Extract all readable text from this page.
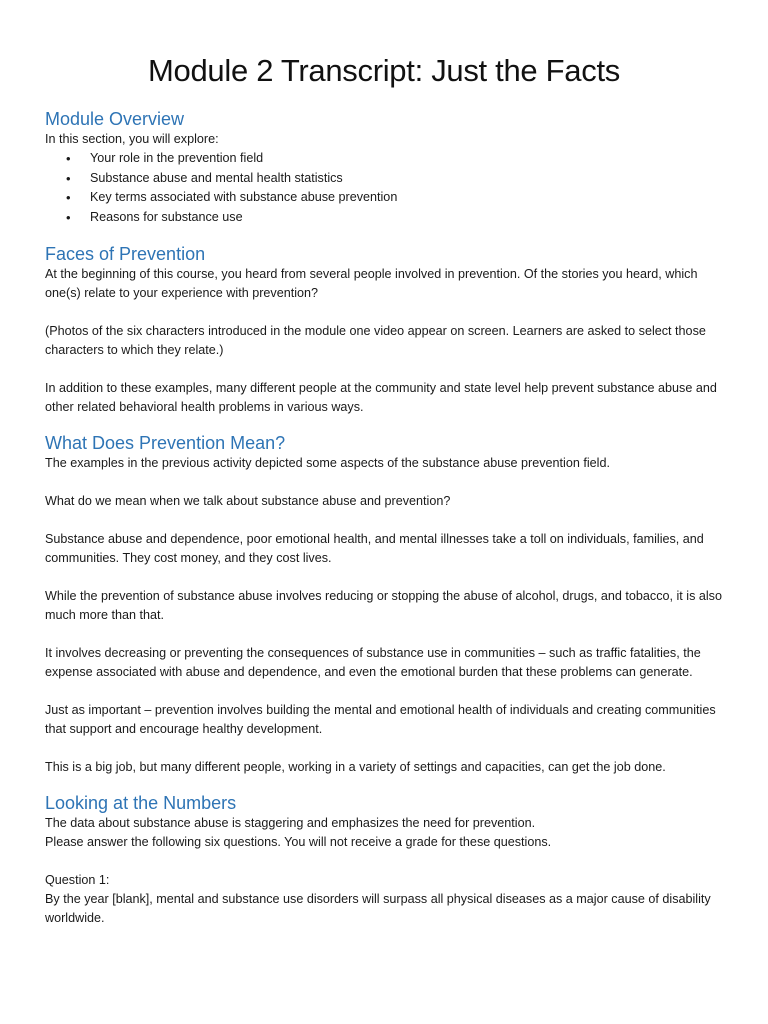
Module 2 Transcript: Just the Facts
Module Overview

In this section, you will explore:

• Your role in the prevention field
• Substance abuse and mental health statistics
• Key terms associated with substance abuse prevention
• Reasons for substance use
Faces of Prevention

At the beginning of this course, you heard from several people involved in prevention. Of the stories you heard, which one(s) relate to your experience with prevention?

(Photos of the six characters introduced in the module one video appear on screen. Learners are asked to select those characters to which they relate.)

In addition to these examples, many different people at the community and state level help prevent substance abuse and other related behavioral health problems in various ways.

What Does Prevention Mean?

The examples in the previous activity depicted some aspects of the substance abuse prevention field.

What do we mean when we talk about substance abuse and prevention?

Substance abuse and dependence, poor emotional health, and mental illnesses take a toll on individuals, families, and communities. They cost money, and they cost lives.

While the prevention of substance abuse involves reducing or stopping the abuse of alcohol, drugs, and tobacco, it is also much more than that.

It involves decreasing or preventing the consequences of substance use in communities – such as traffic fatalities, the expense associated with abuse and dependence, and even the emotional burden that these problems can generate.

Just as important – prevention involves building the mental and emotional health of individuals and creating communities that support and encourage healthy development.

This is a big job, but many different people, working in a variety of settings and capacities, can get the job done.

Looking at the Numbers

The data about substance abuse is staggering and emphasizes the need for prevention.

Please answer the following six questions. You will not receive a grade for these questions.

Question 1:

By the year [blank], mental and substance use disorders will surpass all physical diseases as a major cause of disability worldwide.
